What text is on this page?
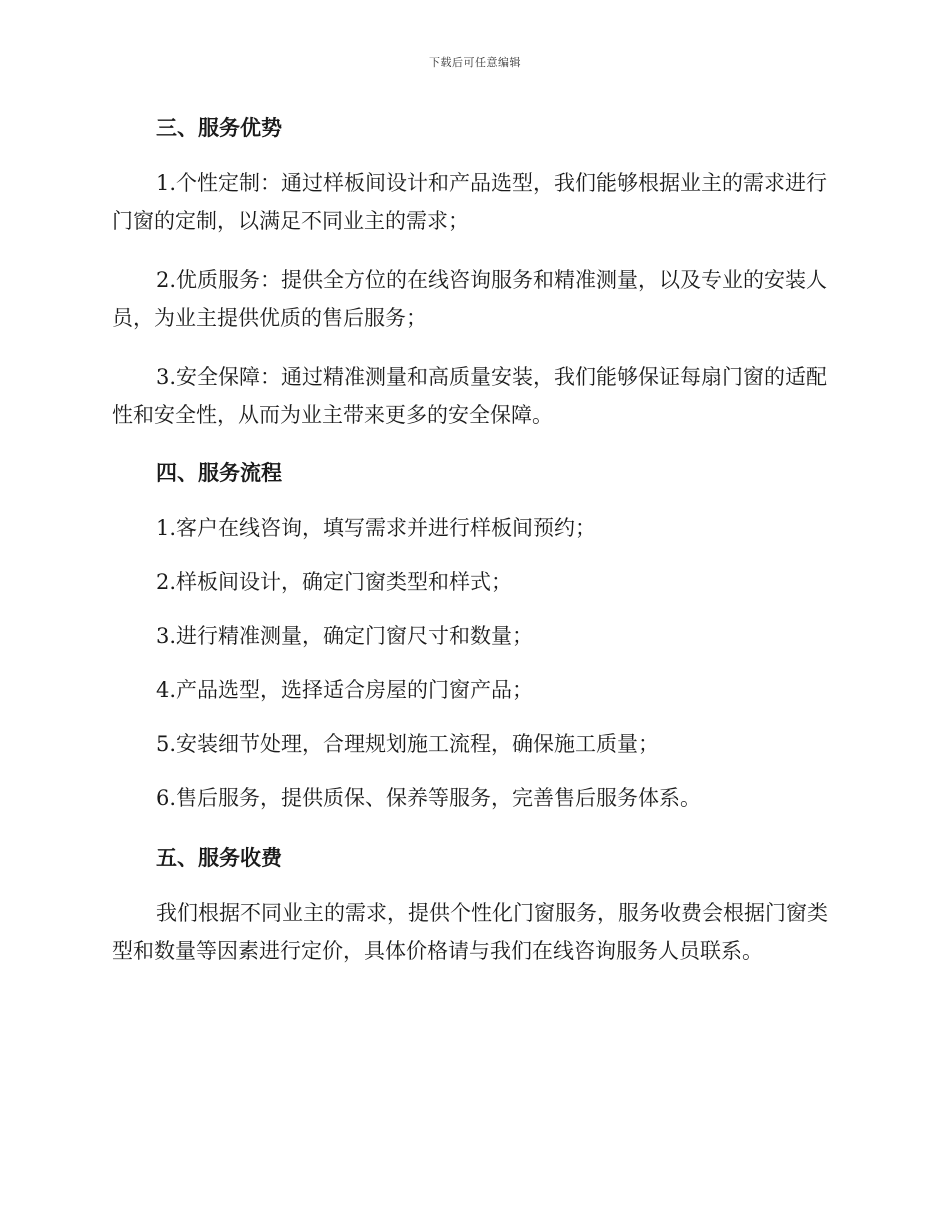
下载后可任意编辑
三、服务优势

1.个性定制：通过样板间设计和产品选型，我们能够根据业主的需求进行门窗的定制，以满足不同业主的需求；

2.优质服务：提供全方位的在线咨询服务和精准测量，以及专业的安装人员，为业主提供优质的售后服务；

3.安全保障：通过精准测量和高质量安装，我们能够保证每扇门窗的适配性和安全性，从而为业主带来更多的安全保障。

四、服务流程

1.客户在线咨询，填写需求并进行样板间预约；

2.样板间设计，确定门窗类型和样式；

3.进行精准测量，确定门窗尺寸和数量；

4.产品选型，选择适合房屋的门窗产品；

5.安装细节处理，合理规划施工流程，确保施工质量；

6.售后服务，提供质保、保养等服务，完善售后服务体系。

五、服务收费

我们根据不同业主的需求，提供个性化门窗服务，服务收费会根据门窗类型和数量等因素进行定价，具体价格请与我们在线咨询服务人员联系。
